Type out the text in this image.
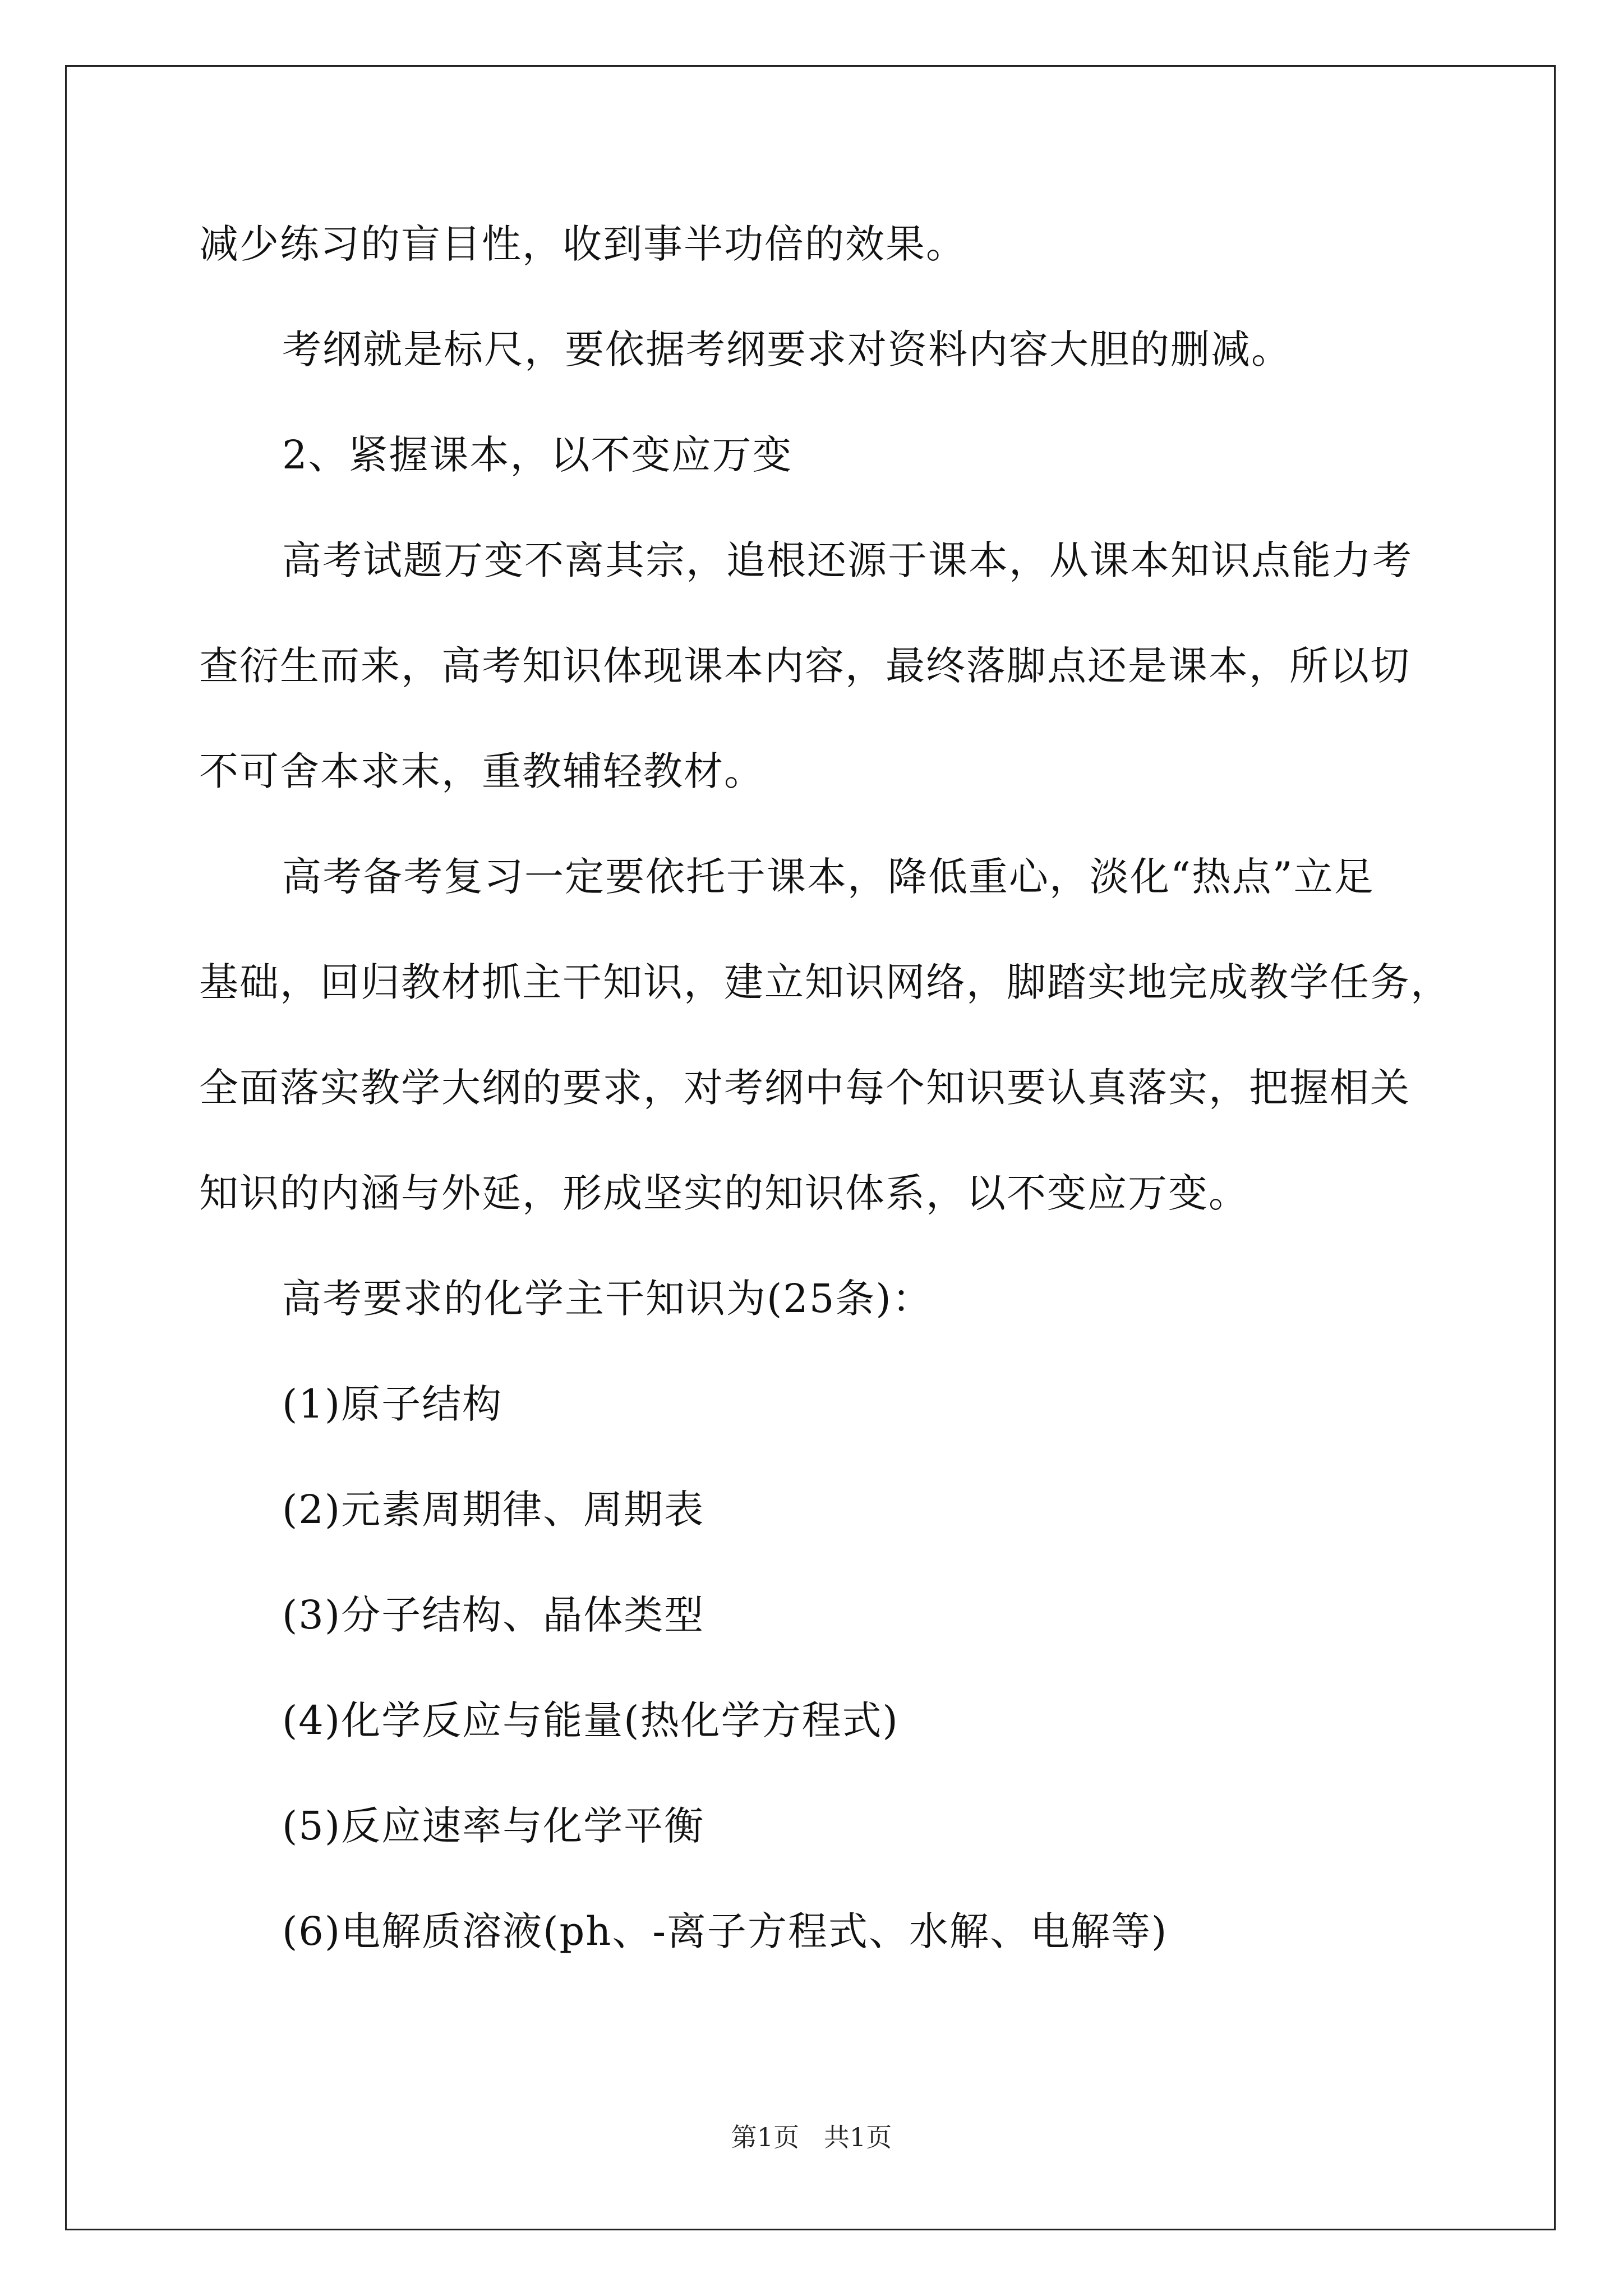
减少练习的盲目性，收到事半功倍的效果。
考纲就是标尺，要依据考纲要求对资料内容大胆的删减。
2、紧握课本，以不变应万变
高考试题万变不离其宗，追根还源于课本，从课本知识点能力考
查衍生而来，高考知识体现课本内容，最终落脚点还是课本，所以切
不可舍本求末，重教辅轻教材。
高考备考复习一定要依托于课本，降低重心，淡化“热点”立足
基础，回归教材抓主干知识，建立知识网络，脚踏实地完成教学任务，
全面落实教学大纲的要求，对考纲中每个知识要认真落实，把握相关
知识的内涵与外延，形成坚实的知识体系，以不变应万变。
高考要求的化学主干知识为(25条)：
(1)原子结构
(2)元素周期律、周期表
(3)分子结构、晶体类型
(4)化学反应与能量(热化学方程式)
(5)反应速率与化学平衡
(6)电解质溶液(ph、-离子方程式、水解、电解等)
第1页   共1页
